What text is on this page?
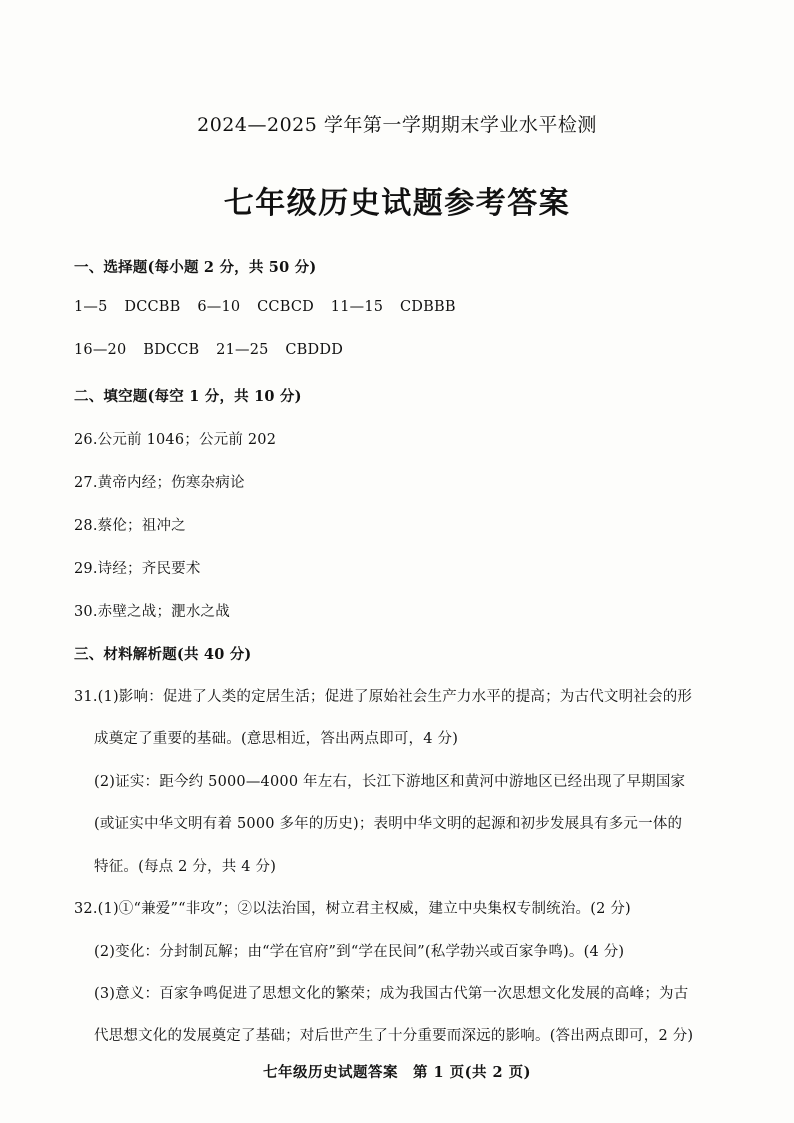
2024—2025 学年第一学期期末学业水平检测
七年级历史试题参考答案
一、选择题(每小题 2 分，共 50 分)
1—5 DCCBB 6—10 CCBCD 11—15 CDBBB
16—20 BDCCB 21—25 CBDDD
二、填空题(每空 1 分，共 10 分)
26.公元前 1046；公元前 202
27.黄帝内经；伤寒杂病论
28.蔡伦；祖冲之
29.诗经；齐民要术
30.赤壁之战；淝水之战
三、材料解析题(共 40 分)
31.(1)影响：促进了人类的定居生活；促进了原始社会生产力水平的提高；为古代文明社会的形
成奠定了重要的基础。(意思相近，答出两点即可，4 分)
(2)证实：距今约 5000—4000 年左右，长江下游地区和黄河中游地区已经出现了早期国家
(或证实中华文明有着 5000 多年的历史)；表明中华文明的起源和初步发展具有多元一体的
特征。(每点 2 分，共 4 分)
32.(1)①“兼爱”“非攻”；②以法治国，树立君主权威，建立中央集权专制统治。(2 分)
(2)变化：分封制瓦解；由“学在官府”到“学在民间”(私学勃兴或百家争鸣)。(4 分)
(3)意义：百家争鸣促进了思想文化的繁荣；成为我国古代第一次思想文化发展的高峰；为古
代思想文化的发展奠定了基础；对后世产生了十分重要而深远的影响。(答出两点即可，2 分)
七年级历史试题答案　第 1 页(共 2 页)
